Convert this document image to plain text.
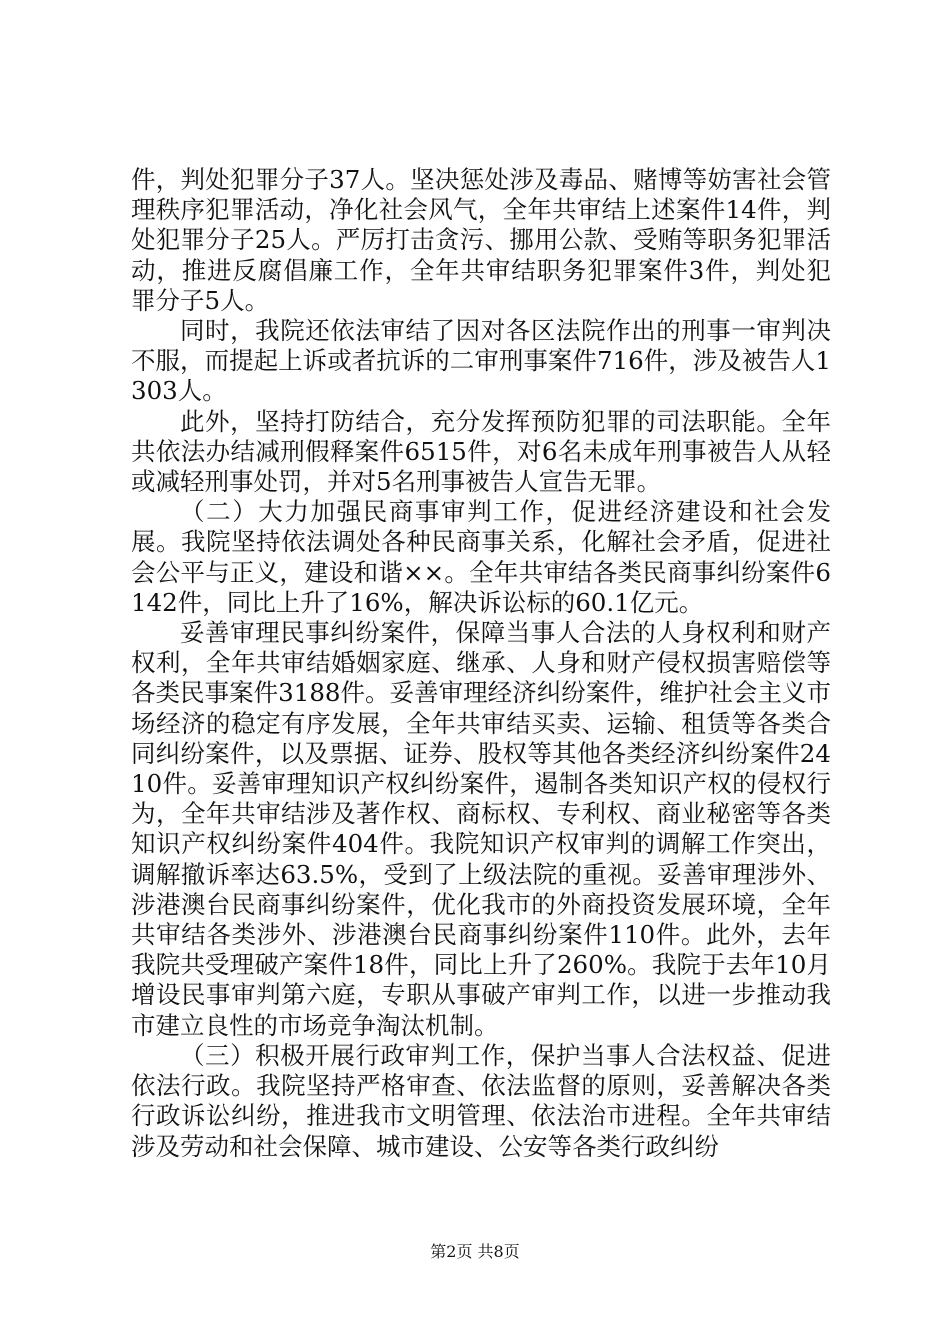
件，判处犯罪分子37人。坚决惩处涉及毒品、赌博等妨害社会管理秩序犯罪活动，净化社会风气，全年共审结上述案件14件，判处犯罪分子25人。严厉打击贪污、挪用公款、受贿等职务犯罪活动，推进反腐倡廉工作，全年共审结职务犯罪案件3件，判处犯罪分子5人。

同时，我院还依法审结了因对各区法院作出的刑事一审判决不服，而提起上诉或者抗诉的二审刑事案件716件，涉及被告人1303人。

此外，坚持打防结合，充分发挥预防犯罪的司法职能。全年共依法办结减刑假释案件6515件，对6名未成年刑事被告人从轻或减轻刑事处罚，并对5名刑事被告人宣告无罪。

（二）大力加强民商事审判工作，促进经济建设和社会发展。我院坚持依法调处各种民商事关系，化解社会矛盾，促进社会公平与正义，建设和谐××。全年共审结各类民商事纠纷案件6142件，同比上升了16%，解决诉讼标的60.1亿元。

妥善审理民事纠纷案件，保障当事人合法的人身权利和财产权利，全年共审结婚姻家庭、继承、人身和财产侵权损害赔偿等各类民事案件3188件。妥善审理经济纠纷案件，维护社会主义市场经济的稳定有序发展，全年共审结买卖、运输、租赁等各类合同纠纷案件，以及票据、证券、股权等其他各类经济纠纷案件2410件。妥善审理知识产权纠纷案件，遏制各类知识产权的侵权行为，全年共审结涉及著作权、商标权、专利权、商业秘密等各类知识产权纠纷案件404件。我院知识产权审判的调解工作突出，调解撤诉率达63.5%，受到了上级法院的重视。妥善审理涉外、涉港澳台民商事纠纷案件，优化我市的外商投资发展环境，全年共审结各类涉外、涉港澳台民商事纠纷案件110件。此外，去年我院共受理破产案件18件，同比上升了260%。我院于去年10月增设民事审判第六庭，专职从事破产审判工作，以进一步推动我市建立良性的市场竞争淘汰机制。

（三）积极开展行政审判工作，保护当事人合法权益、促进依法行政。我院坚持严格审查、依法监督的原则，妥善解决各类行政诉讼纠纷，推进我市文明管理、依法治市进程。全年共审结涉及劳动和社会保障、城市建设、公安等各类行政纠纷

第2页 共8页
